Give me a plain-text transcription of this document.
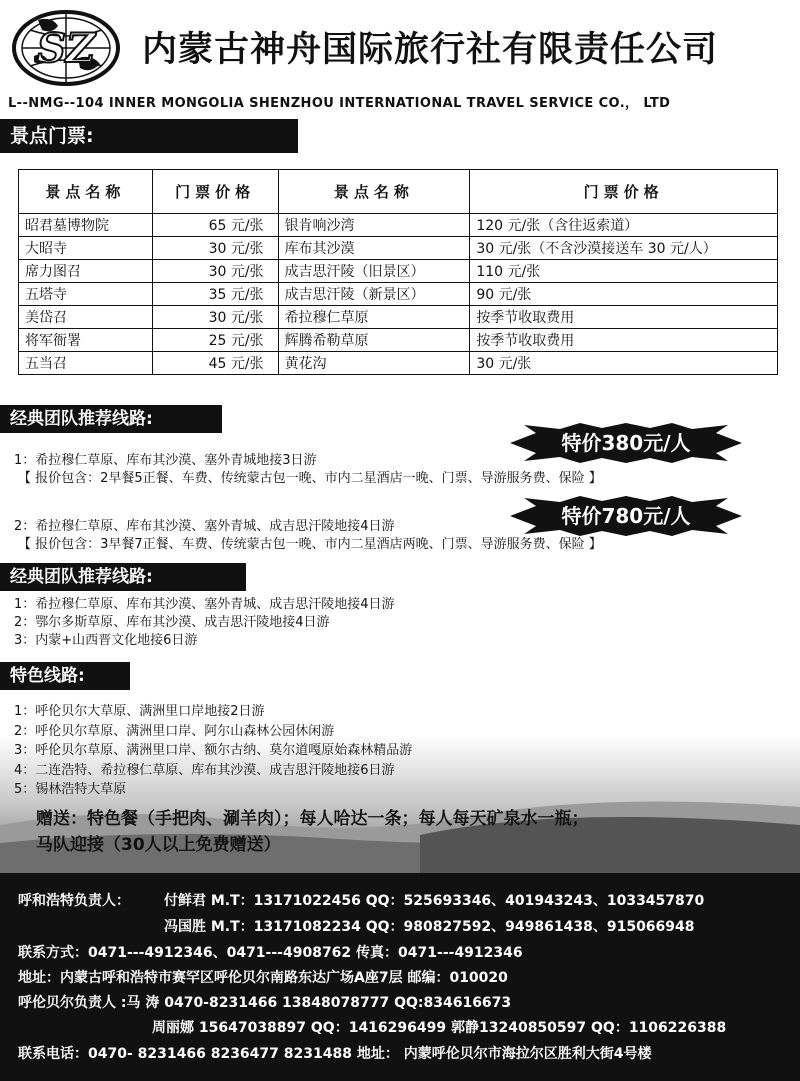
SZ 内蒙古神舟国际旅行社有限责任公司
L--NMG--104 INNER MONGOLIA SHENZHOU INTERNATIONAL TRAVEL SERVICE CO.， LTD
景点门票:
景点名称	门票价格	景点名称	门票价格
昭君墓博物院	65 元/张	银肯响沙湾	120 元/张（含往返索道）
大昭寺	30 元/张	库布其沙漠	30 元/张（不含沙漠接送车 30 元/人）
席力图召	30 元/张	成吉思汗陵（旧景区）	110 元/张
五塔寺	35 元/张	成吉思汗陵（新景区）	90 元/张
美岱召	30 元/张	希拉穆仁草原	按季节收取费用
将军衙署	25 元/张	辉腾希勒草原	按季节收取费用
五当召	45 元/张	黄花沟	30 元/张
经典团队推荐线路:
特价380元/人
1：希拉穆仁草原、库布其沙漠、塞外青城地接3日游
【 报价包含：2早餐5正餐、车费、传统蒙古包一晚、市内二星酒店一晚、门票、导游服务费、保险 】
特价780元/人
2：希拉穆仁草原、库布其沙漠、塞外青城、成吉思汗陵地接4日游
【 报价包含：3早餐7正餐、车费、传统蒙古包一晚、市内二星酒店两晚、门票、导游服务费、保险 】
经典团队推荐线路:
1：希拉穆仁草原、库布其沙漠、塞外青城、成吉思汗陵地接4日游
2：鄂尔多斯草原、库布其沙漠、成吉思汗陵地接4日游
3：内蒙+山西晋文化地接6日游
特色线路:
1：呼伦贝尔大草原、满洲里口岸地接2日游
2：呼伦贝尔草原、满洲里口岸、阿尔山森林公园休闲游
3：呼伦贝尔草原、满洲里口岸、额尔古纳、莫尔道嘎原始森林精品游
4：二连浩特、希拉穆仁草原、库布其沙漠、成吉思汗陵地接6日游
5：锡林浩特大草原
赠送：特色餐（手把肉、涮羊肉）；每人哈达一条；每人每天矿泉水一瓶；
马队迎接（30人以上免费赠送）
呼和浩特负责人： 付鲜君 M.T：13171022456 QQ：525693346、401943243、1033457870
冯国胜 M.T：13171082234 QQ：980827592、949861438、915066948
联系方式：0471---4912346、0471---4908762 传真：0471---4912346
地址：内蒙古呼和浩特市赛罕区呼伦贝尔南路东达广场A座7层 邮编：010020
呼伦贝尔负责人 :马 涛 0470-8231466 13848078777 QQ:834616673
周丽娜 15647038897 QQ：1416296499 郭静13240850597 QQ：1106226388
联系电话：0470- 8231466 8236477 8231488 地址： 内蒙呼伦贝尔市海拉尔区胜利大街4号楼
